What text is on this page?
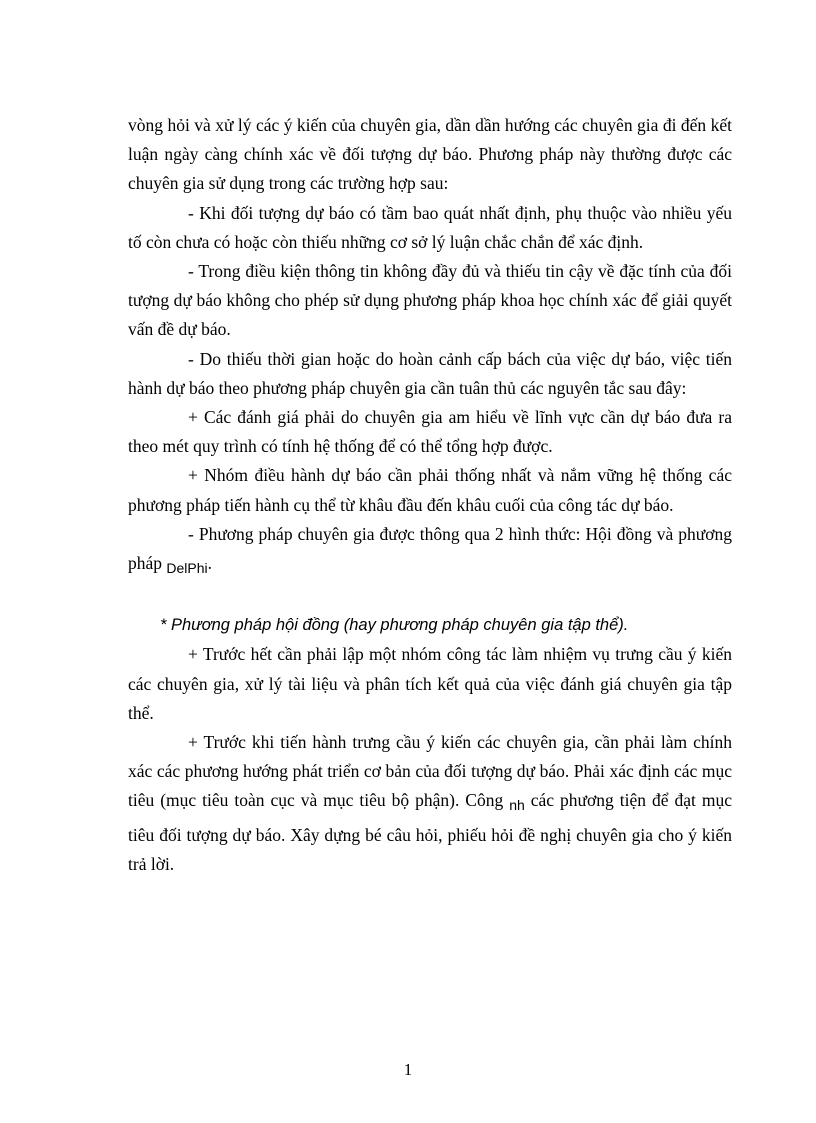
vòng hỏi và xử lý các ý kiến của chuyên gia, dần dần hướng các chuyên gia đi đến kết luận ngày càng chính xác về đối tượng dự báo. Phương pháp này thường được các chuyên gia sử dụng trong các trường hợp sau:

- Khi đối tượng dự báo có tầm bao quát nhất định, phụ thuộc vào nhiều yếu tố còn chưa có hoặc còn thiếu những cơ sở lý luận chắc chắn để xác định.

- Trong điều kiện thông tin không đầy đủ và thiếu tin cậy về đặc tính của đối tượng dự báo không cho phép sử dụng phương pháp khoa học chính xác để giải quyết vấn đề dự báo.

- Do thiếu thời gian hoặc do hoàn cảnh cấp bách của việc dự báo, việc tiến hành dự báo theo phương pháp chuyên gia cần tuân thủ các nguyên tắc sau đây:

+ Các đánh giá phải do chuyên gia am hiểu về lĩnh vực cần dự báo đưa ra theo mét quy trình có tính hệ thống để có thể tổng hợp được.

+ Nhóm điều hành dự báo cần phải thống nhất và nắm vững hệ thống các phương pháp tiến hành cụ thể từ khâu đầu đến khâu cuối của công tác dự báo.

- Phương pháp chuyên gia được thông qua 2 hình thức: Hội đồng và phương pháp $_{DelPhi}$.

* Phương pháp hội đồng (hay phương pháp chuyên gia tập thể).

+ Trước hết cần phải lập một nhóm công tác làm nhiệm vụ trưng cầu ý kiến các chuyên gia, xử lý tài liệu và phân tích kết quả của việc đánh giá chuyên gia tập thể.

+ Trước khi tiến hành trưng cầu ý kiến các chuyên gia, cần phải làm chính xác các phương hướng phát triển cơ bản của đối tượng dự báo. Phải xác định các mục tiêu (mục tiêu toàn cục và mục tiêu bộ phận). Công $_{nh}$ các phương tiện để đạt mục tiêu đối tượng dự báo. Xây dựng bé câu hỏi, phiếu hỏi đề nghị chuyên gia cho ý kiến trả lời.

1
